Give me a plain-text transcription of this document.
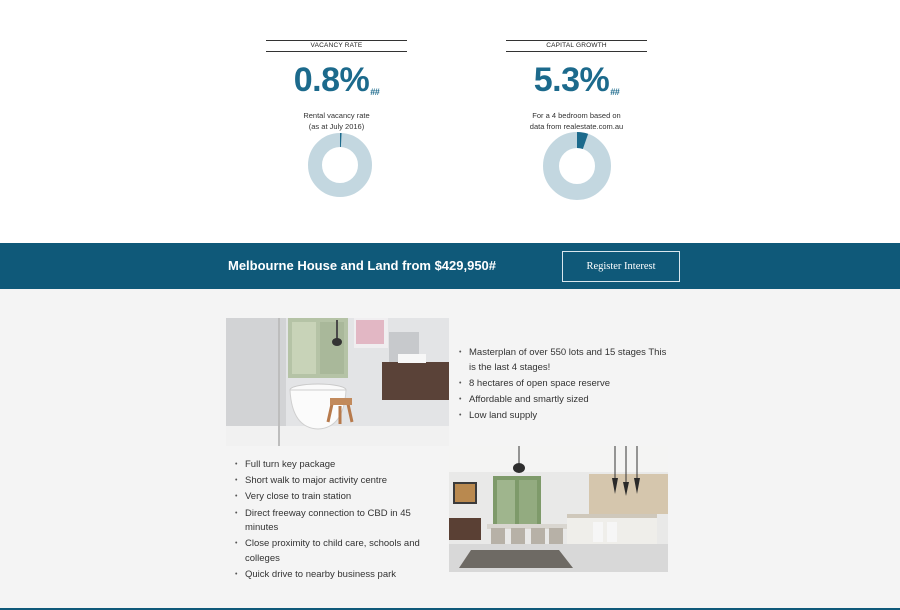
VACANCY RATE
0.8%##
Rental vacancy rate
(as at July 2016)
CAPITAL GROWTH
5.3%##
For a 4 bedroom based on
data from realestate.com.au
Melbourne House and Land from $429,950#	Register Interest
• Masterplan of over 550 lots and 15 stages This is the last 4 stages!
• 8 hectares of open space reserve
• Affordable and smartly sized
• Low land supply
• Full turn key package
• Short walk to major activity centre
• Very close to train station
• Direct freeway connection to CBD in 45 minutes
• Close proximity to child care, schools and colleges
• Quick drive to nearby business park
